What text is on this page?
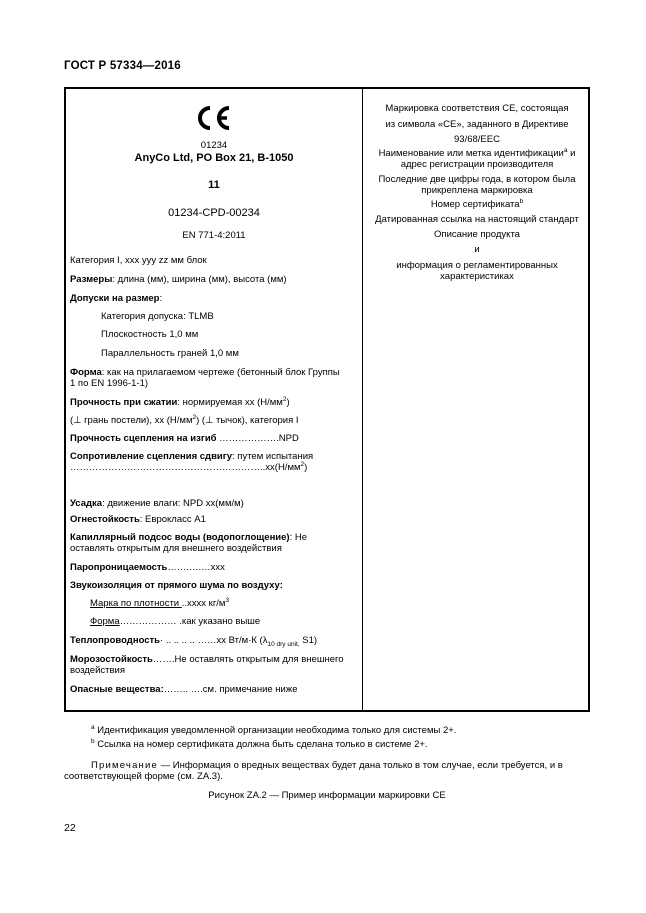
ГОСТ Р 57334—2016
01234
AnyCo Ltd, PO Box 21, B-1050
11
01234-CPD-00234
EN 771-4:2011
Категория I, xxx yyy zz мм блок
Размеры: длина (мм), ширина (мм), высота (мм)
Допуски на размер:
Категория допуска: TLMB
Плоскостность 1,0 мм
Параллельность граней 1,0 мм
Форма: как на прилагаемом чертеже (бетонный блок Группы
1 по EN 1996-1-1)
Прочность при сжатии: нормируемая xx $(Н/мм^2)$
(⊥ грань постели), xx $(Н/мм^2)$ (⊥ тычок), категория I
Прочность сцепления на изгиб ……………….NPD
Сопротивление сцепления сдвигу: путем испытания
$\dots\dots\dots\dots\dots\dots\dots\dots\dots\dots\dots\dots\dots\dots\dots\dots\dots\dots\dots\dots..xx(Н/мм^2)$
Усадка: движение влаги: NPD xx(мм/м)
Огнестойкость: Еврокласс A1
Капиллярный подсос воды (водопоглощение): Не
оставлять открытым для внешнего воздействия
Паропроницаемость…….….…xxx
Звукоизоляция от прямого шума по воздуху:
Марка по плотности ..xxxx $кг/м^3$
Форма……………… .как указано выше
Теплопроводность· .. .. .. .. ……xx Вт/м·К ($\lambda_{10 dry unit,}$ S1)
Морозостойкость…….Не оставлять открытым для внешнего
воздействия
Опасные вещества:…….. ….см. примечание ниже
Маркировка соответствия CE, состоящая
из символа «CE», заданного в Директиве
93/68/ЕЕС
Наименование или метка идентификации$^a$ и
адрес регистрации производителя
Последние две цифры года, в котором была
прикреплена маркировка
Номер сертификата$^b$
Датированная ссылка на настоящий стандарт
Описание продукта
и
информация о регламентированных
характеристиках
$^a$ Идентификация уведомленной организации необходима только для системы 2+.
$^b$ Ссылка на номер сертификата должна быть сделана только в системе 2+.
Примечание — Информация о вредных веществах будет дана только в том случае, если требуется, и в
соответствующей форме (см. ZA.3).
Рисунок ZA.2 — Пример информации маркировки CE
22
